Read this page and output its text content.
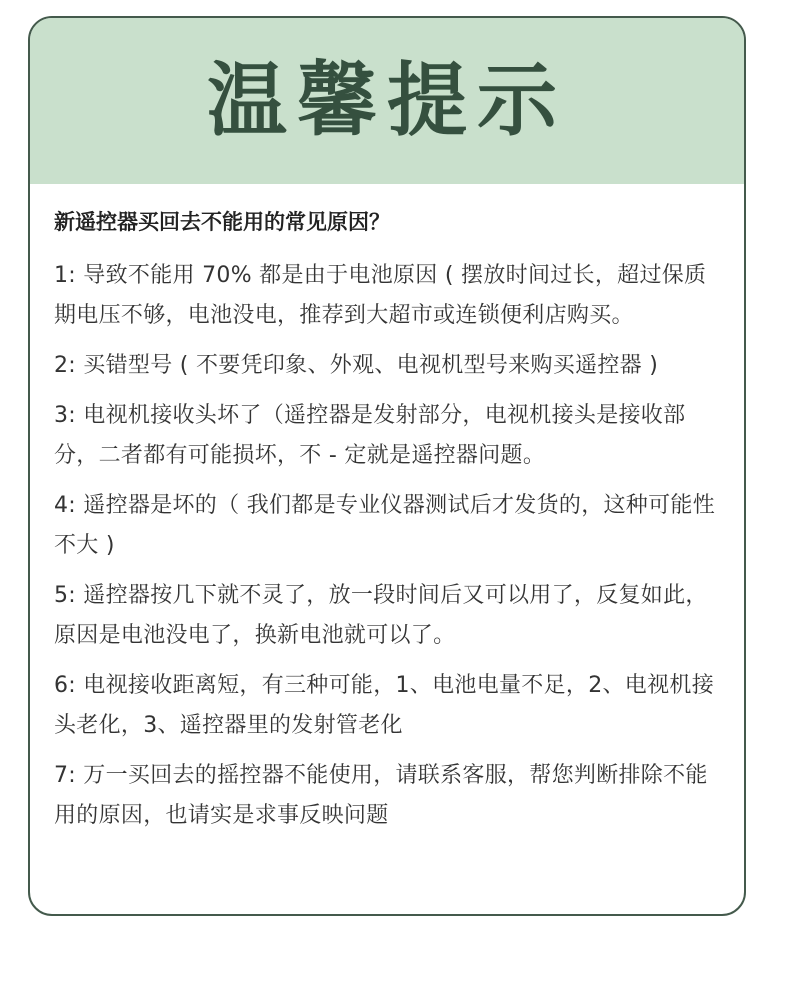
温馨提示
新遥控器买回去不能用的常见原因？
1: 导致不能用 70% 都是由于电池原因 ( 摆放时间过长，超过保质期电压不够，电池没电，推荐到大超市或连锁便利店购买。
2: 买错型号 ( 不要凭印象、外观、电视机型号来购买遥控器 )
3: 电视机接收头坏了（遥控器是发射部分，电视机接头是接收部分，二者都有可能损坏，不 - 定就是遥控器问题。
4: 遥控器是坏的（ 我们都是专业仪器测试后才发货的，这种可能性不大 )
5: 遥控器按几下就不灵了，放一段时间后又可以用了，反复如此，原因是电池没电了，换新电池就可以了。
6: 电视接收距离短，有三种可能，1、电池电量不足，2、电视机接头老化，3、遥控器里的发射管老化
7: 万一买回去的摇控器不能使用，请联系客服，帮您判断排除不能用的原因，也请实是求事反映问题
